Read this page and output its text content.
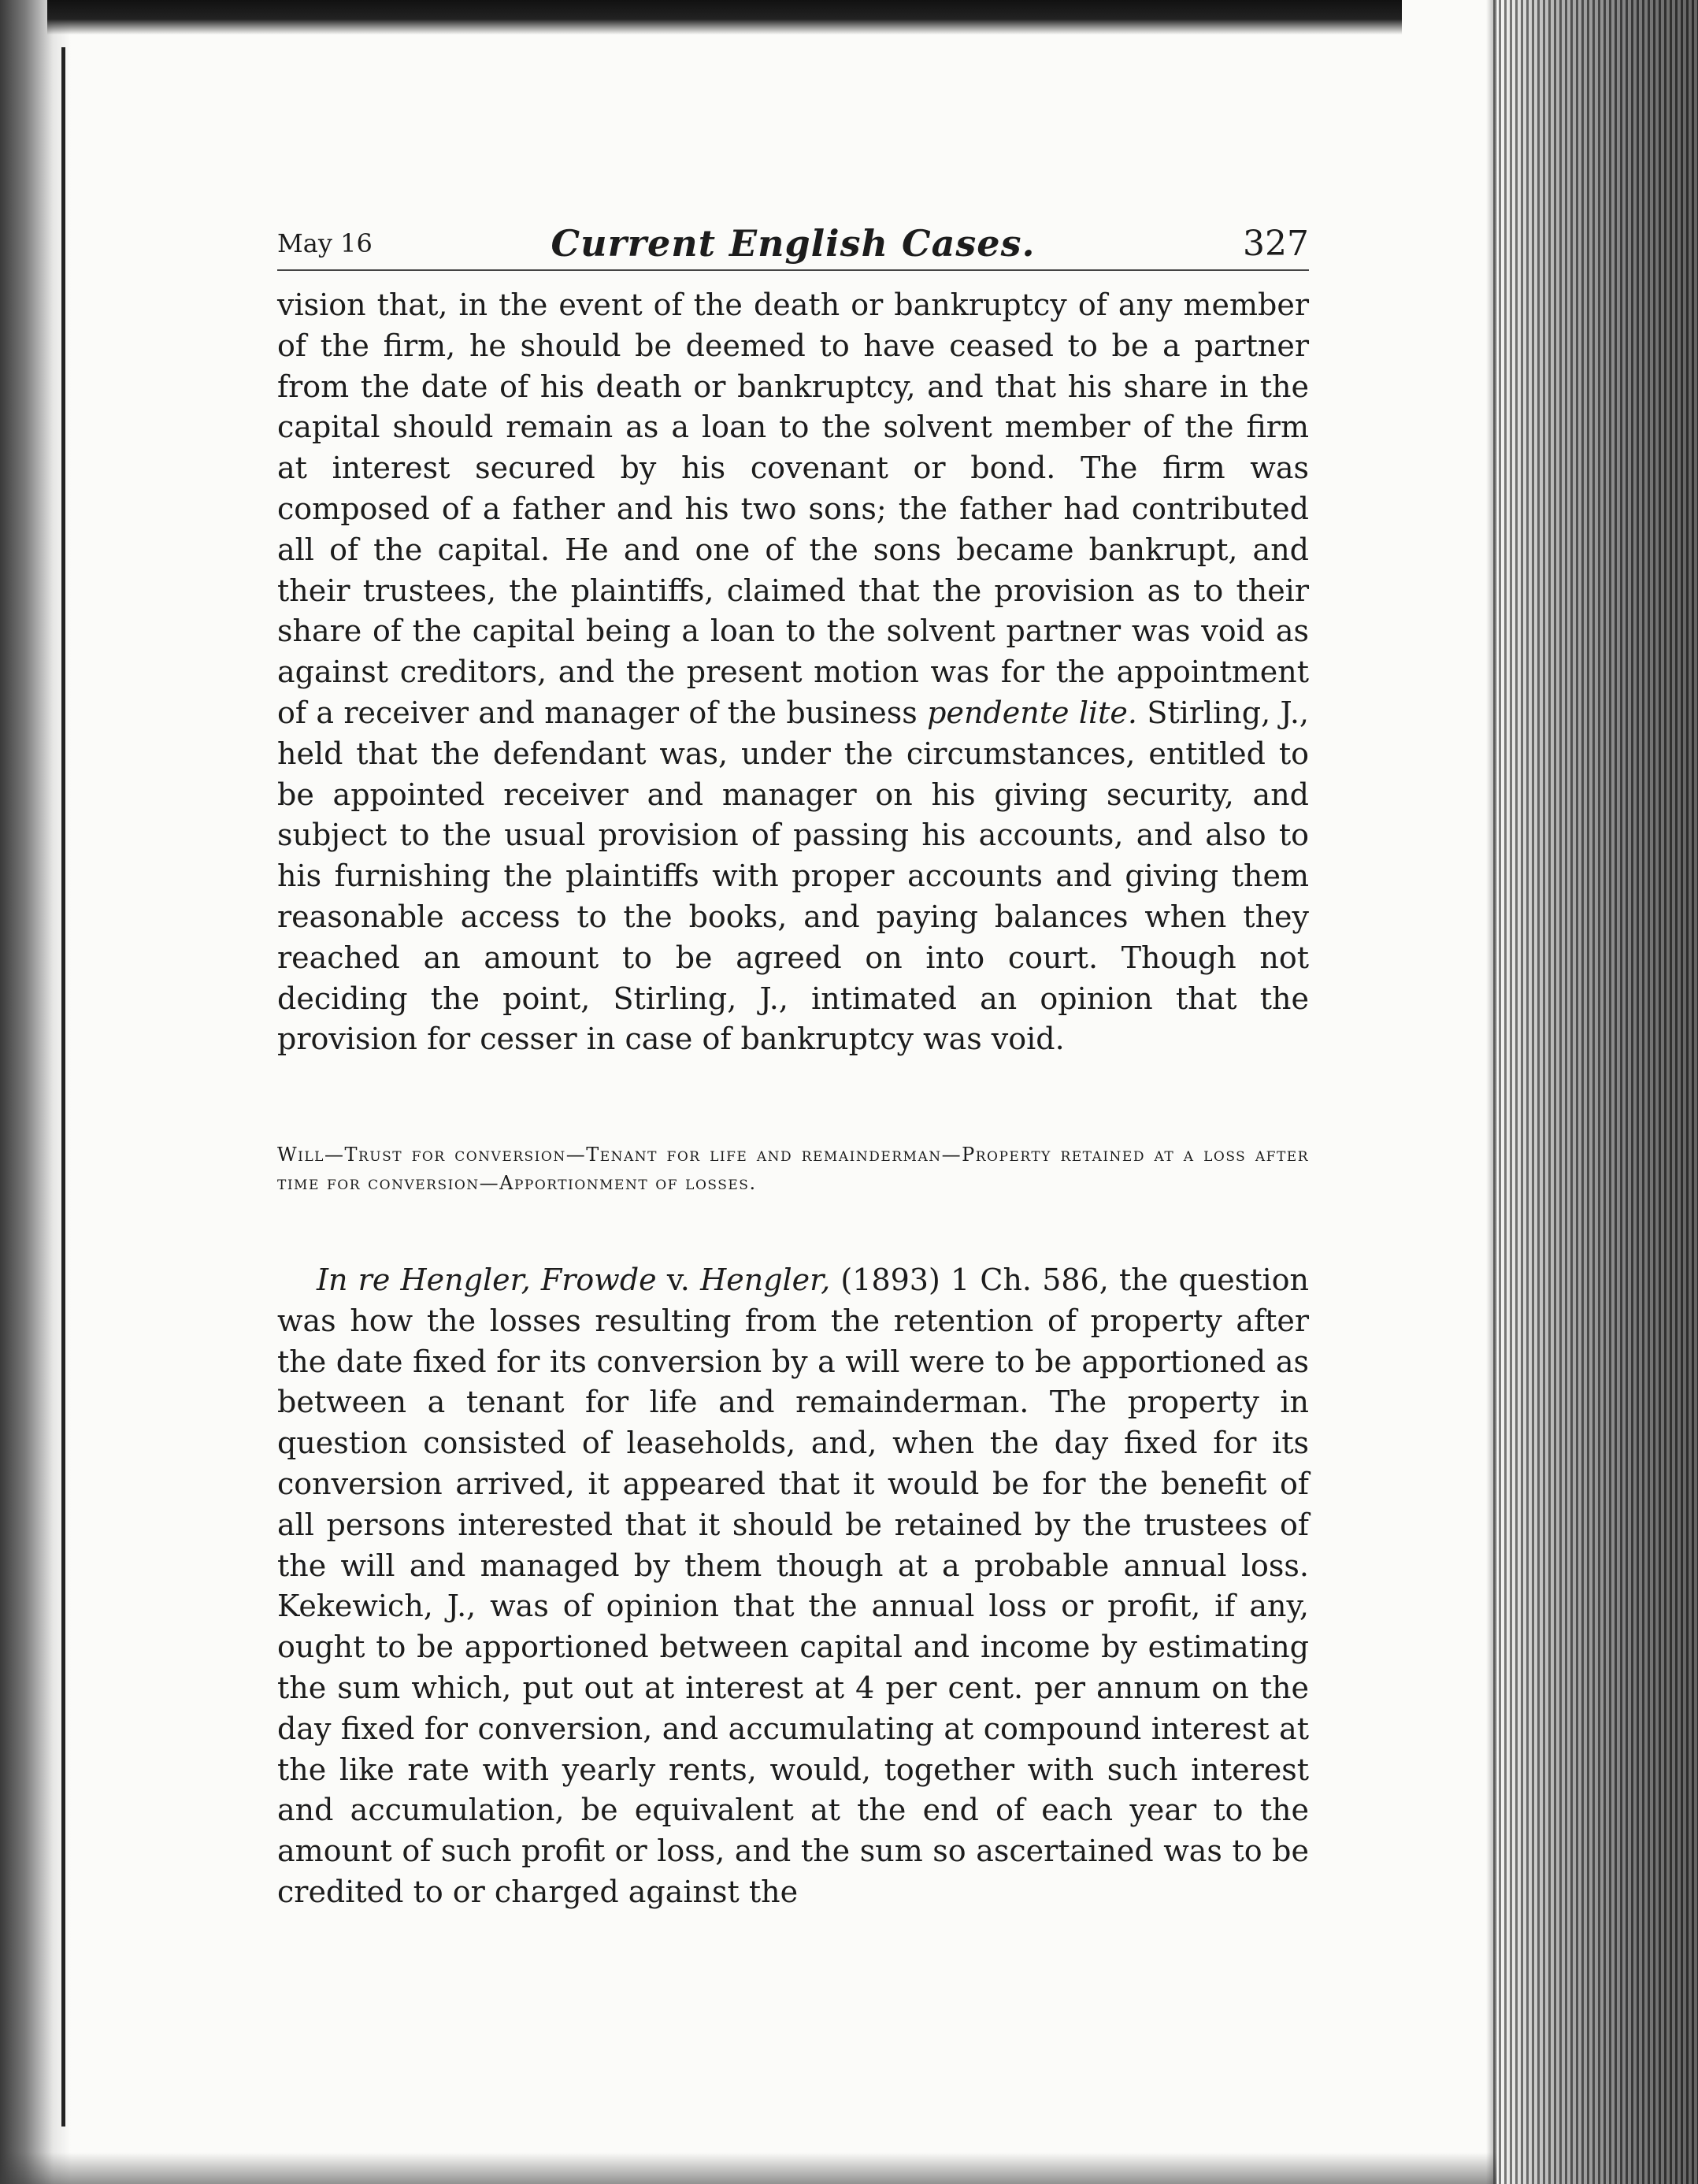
May 16	Current English Cases.	327

vision that, in the event of the death or bankruptcy of any member of the firm, he should be deemed to have ceased to be a partner from the date of his death or bankruptcy, and that his share in the capital should remain as a loan to the solvent member of the firm at interest secured by his covenant or bond. The firm was composed of a father and his two sons; the father had contributed all of the capital. He and one of the sons became bankrupt, and their trustees, the plaintiffs, claimed that the provision as to their share of the capital being a loan to the solvent partner was void as against creditors, and the present motion was for the appointment of a receiver and manager of the business pendente lite. Stirling, J., held that the defendant was, under the circumstances, entitled to be appointed receiver and manager on his giving security, and subject to the usual provision of passing his accounts, and also to his furnishing the plaintiffs with proper accounts and giving them reasonable access to the books, and paying balances when they reached an amount to be agreed on into court. Though not deciding the point, Stirling, J., intimated an opinion that the provision for cesser in case of bankruptcy was void.

Will—Trust for conversion—Tenant for life and remainderman—Property retained at a loss after time for conversion—Apportionment of losses.

In re Hengler, Frowde v. Hengler, (1893) 1 Ch. 586, the question was how the losses resulting from the retention of property after the date fixed for its conversion by a will were to be apportioned as between a tenant for life and remainderman. The property in question consisted of leaseholds, and, when the day fixed for its conversion arrived, it appeared that it would be for the benefit of all persons interested that it should be retained by the trustees of the will and managed by them though at a probable annual loss. Kekewich, J., was of opinion that the annual loss or profit, if any, ought to be apportioned between capital and income by estimating the sum which, put out at interest at 4 per cent. per annum on the day fixed for conversion, and accumulating at compound interest at the like rate with yearly rents, would, together with such interest and accumulation, be equivalent at the end of each year to the amount of such profit or loss, and the sum so ascertained was to be credited to or charged against the
